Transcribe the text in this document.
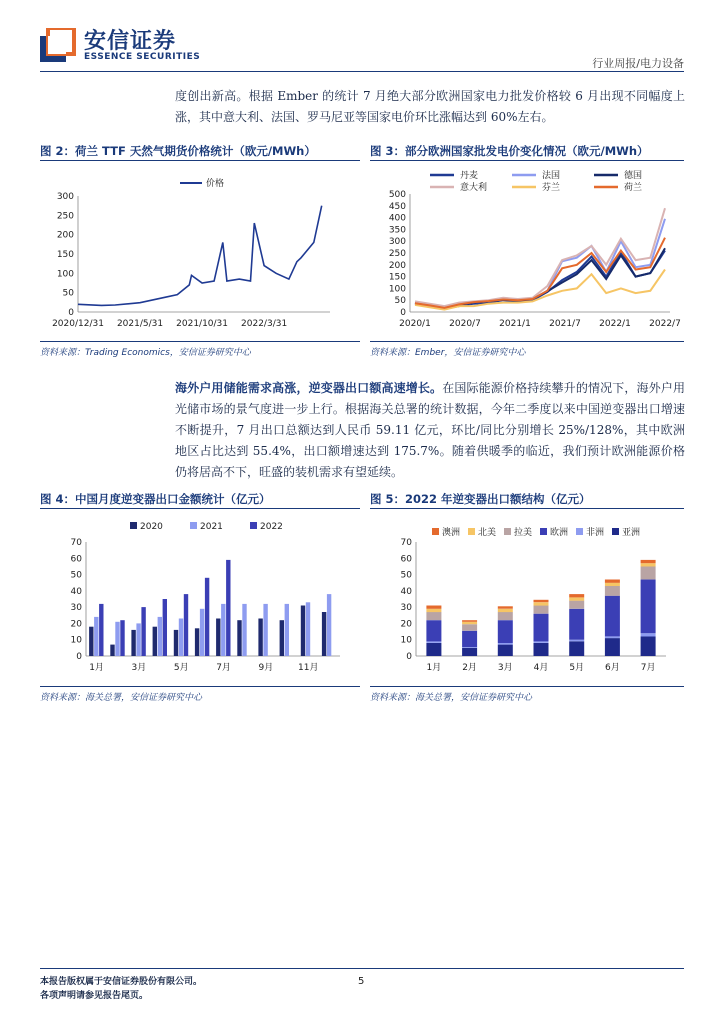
安信证券
ESSENCE SECURITIES	行业周报/电力设备
度创出新高。根据 Ember 的统计 7 月绝大部分欧洲国家电力批发价格较 6 月出现不同幅度上涨，其中意大利、法国、罗马尼亚等国家电价环比涨幅达到 60%左右。
图 2：荷兰 TTF 天然气期货价格统计（欧元/MWh）
0
50
100
150
200
250
300
2020/12/31 2021/5/31 2021/10/31 2022/3/31
价格
资料来源：Trading Economics，安信证券研究中心
图 3：部分欧洲国家批发电价变化情况（欧元/MWh）
0
50
100
150
200
250
300
350
400
450
500
2020/1 2020/7 2021/1 2021/7 2022/1 2022/7
丹麦	法国	德国
意大利	芬兰	荷兰
资料来源：Ember，安信证券研究中心
海外户用储能需求高涨，逆变器出口额高速增长。在国际能源价格持续攀升的情况下，海外户用光储市场的景气度进一步上行。根据海关总署的统计数据，今年二季度以来中国逆变器出口增速不断提升，7 月出口总额达到人民币 59.11 亿元，环比/同比分别增长 25%/128%，其中欧洲地区占比达到 55.4%，出口额增速达到 175.7%。随着供暖季的临近，我们预计欧洲能源价格仍将居高不下，旺盛的装机需求有望延续。
图 4：中国月度逆变器出口金额统计（亿元）
0
10
20
30
40
50
60
70
2020	2021	2022
1月	3月	5月	7月	9月	11月
资料来源：海关总署，安信证券研究中心
图 5：2022 年逆变器出口额结构（亿元）
0
10
20
30
40
50
60
70
1月 2月 3月 4月 5月 6月 7月
澳洲 北美 拉美 欧洲 非洲 亚洲
资料来源：海关总署，安信证券研究中心
本报告版权属于安信证券股份有限公司。
各项声明请参见报告尾页。
5
